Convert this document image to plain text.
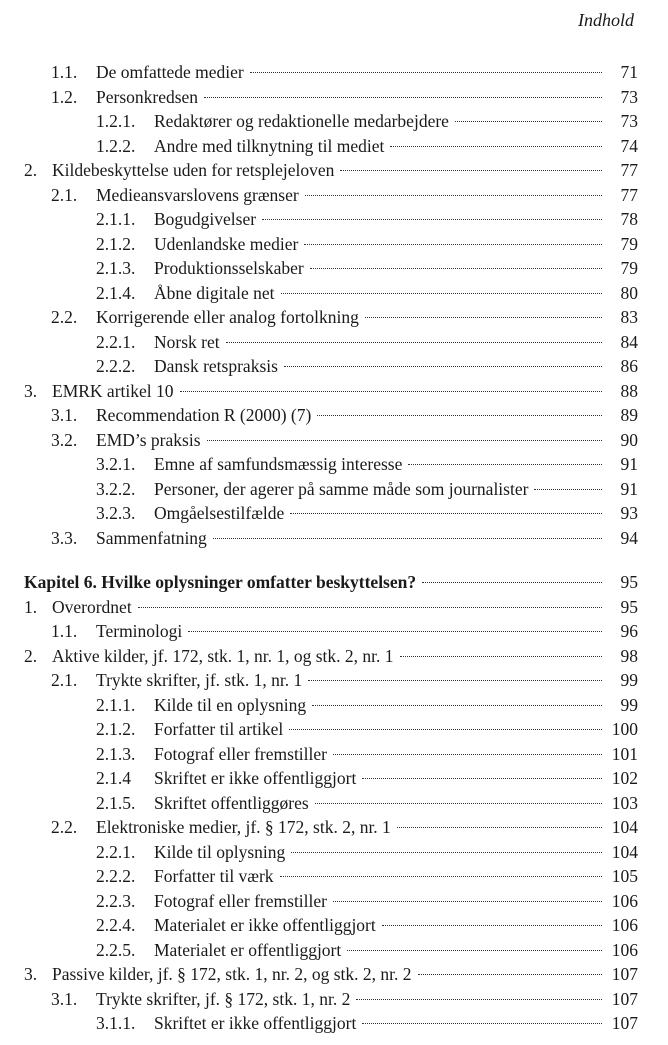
Indhold
1.1. De omfattede medier	71
1.2. Personkredsen	73
1.2.1. Redaktører og redaktionelle medarbejdere	73
1.2.2. Andre med tilknytning til mediet	74
2. Kildebeskyttelse uden for retsplejeloven	77
2.1. Medieansvarslovens grænser	77
2.1.1. Bogudgivelser	78
2.1.2. Udenlandske medier	79
2.1.3. Produktionsselskaber	79
2.1.4. Åbne digitale net	80
2.2. Korrigerende eller analog fortolkning	83
2.2.1. Norsk ret	84
2.2.2. Dansk retspraksis	86
3. EMRK artikel 10	88
3.1. Recommendation R (2000) (7)	89
3.2. EMD’s praksis	90
3.2.1. Emne af samfundsmæssig interesse	91
3.2.2. Personer, der agerer på samme måde som journalister	91
3.2.3. Omgåelsestilfælde	93
3.3. Sammenfatning	94
Kapitel 6. Hvilke oplysninger omfatter beskyttelsen?	95
1. Overordnet	95
1.1. Terminologi	96
2. Aktive kilder, jf. 172, stk. 1, nr. 1, og stk. 2, nr. 1	98
2.1. Trykte skrifter, jf. stk. 1, nr. 1	99
2.1.1. Kilde til en oplysning	99
2.1.2. Forfatter til artikel	100
2.1.3. Fotograf eller fremstiller	101
2.1.4 Skriftet er ikke offentliggjort	102
2.1.5. Skriftet offentliggøres	103
2.2. Elektroniske medier, jf. § 172, stk. 2, nr. 1	104
2.2.1. Kilde til oplysning	104
2.2.2. Forfatter til værk	105
2.2.3. Fotograf eller fremstiller	106
2.2.4. Materialet er ikke offentliggjort	106
2.2.5. Materialet er offentliggjort	106
3. Passive kilder, jf. § 172, stk. 1, nr. 2, og stk. 2, nr. 2	107
3.1. Trykte skrifter, jf. § 172, stk. 1, nr. 2	107
3.1.1. Skriftet er ikke offentliggjort	107
